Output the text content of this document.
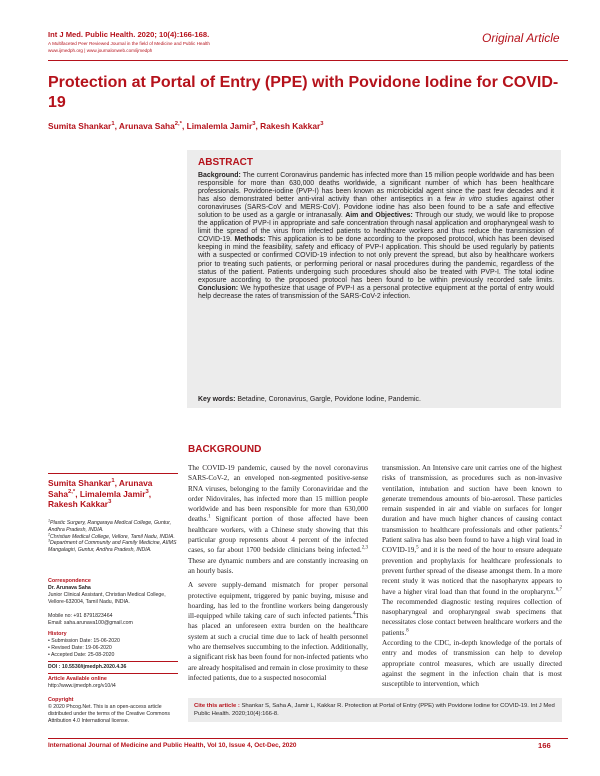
Int J Med. Public Health. 2020; 10(4):166-168.
A Multifaceted Peer Reviewed Journal in the field of Medicine and Public Health
www.ijmedph.org | www.journalonweb.com/ijmedph
Original Article
Protection at Portal of Entry (PPE) with Povidone Iodine for COVID-19
Sumita Shankar$^1$, Arunava Saha$^{2,*}$, Limalemla Jamir$^3$, Rakesh Kakkar$^3$
ABSTRACT
Background: The current Coronavirus pandemic has infected more than 15 million people worldwide and has been responsible for more than 630,000 deaths worldwide, a significant number of which has been healthcare professionals. Povidone-iodine (PVP-I) has been known as microbicidal agent since the past few decades and it has also demonstrated better anti-viral activity than other antiseptics in a few in vitro studies against other coronaviruses (SARS-CoV and MERS-CoV). Povidone iodine has also been found to be a safe and effective solution to be used as a gargle or intranasally. Aim and Objectives: Through our study, we would like to propose the application of PVP-I in appropriate and safe concentration through nasal application and oropharyngeal wash to limit the spread of the virus from infected patients to healthcare workers and thus reduce the transmission of COVID-19. Methods: This application is to be done according to the proposed protocol, which has been devised keeping in mind the feasibility, safety and efficacy of PVP-I application. This should be used regularly by patients with a suspected or confirmed COVID-19 infection to not only prevent the spread, but also by healthcare workers prior to treating such patients, or performing perioral or nasal procedures during the pandemic, regardless of the status of the patient. Patients undergoing such procedures should also be treated with PVP-I. The total iodine exposure according to the proposed protocol has been found to be within previously recorded safe limits. Conclusion: We hypothesize that usage of PVP-I as a personal protective equipment at the portal of entry would help decrease the rates of transmission of the SARS-CoV-2 infection.
Key words: Betadine, Coronavirus, Gargle, Povidone Iodine, Pandemic.
BACKGROUND
Sumita Shankar$^1$, Arunava
Saha$^{2,*}$, Limalemla Jamir$^3$,
Rakesh Kakkar$^3$
$^1$Plastic Surgery, Rangaraya Medical College, Guntur, Andhra Pradesh, INDIA.
$^2$Christian Medical College, Vellore, Tamil Nadu, INDIA.
$^3$Department of Community and Family Medicine, AIIMS Mangalagiri, Guntur, Andhra Pradesh, INDIA.
Correspondence
Dr. Arunava Saha
Junior Clinical Assistant, Christian Medical College, Vellore-632004, Tamil Nadu, INDIA.
Mobile no: +91 8791823464
Email: saha.arunava100@gmail.com
History
• Submission Date: 15-06-2020
• Revised Date: 19-06-2020
• Accepted Date: 25-08-2020
DOI : 10.5530/ijmedph.2020.4.36
Article Available online
http://www.ijmedph.org/v10/i4
Copyright
© 2020 Phcog.Net. This is an open-access article distributed under the terms of the Creative Commons Attribution 4.0 International license.

The COVID-19 pandemic, caused by the novel coronavirus SARS-CoV-2, an enveloped non-segmented positive-sense RNA viruses, belonging to the family Coronaviridae and the order Nidovirales, has infected more than 15 million people worldwide and has been responsible for more than 630,000 deaths.$^1$ Significant portion of those affected have been healthcare workers, with a Chinese study showing that this particular group represents about 4 percent of the infected cases, so far about 1700 bedside clinicians being infected.$^{2,3}$ These are dynamic numbers and are constantly increasing on an hourly basis.

A severe supply-demand mismatch for proper personal protective equipment, triggered by panic buying, misuse and hoarding, has led to the frontline workers being dangerously ill-equipped while taking care of such infected patients.$^4$This has placed an unforeseen extra burden on the healthcare system at such a crucial time due to lack of health personnel who are themselves succumbing to the infection. Additionally, a significant risk has been found for non-infected patients who are already hospitalised and remain in close proximity to these infected patients, due to a suspected nosocomial

transmission. An Intensive care unit carries one of the highest risks of transmission, as procedures such as non-invasive ventilation, intubation and suction have been known to generate tremendous amounts of bio-aerosol. These particles remain suspended in air and viable on surfaces for longer duration and have much higher chances of causing contact transmission to healthcare professionals and other patients.$^2$ Patient saliva has also been found to have a high viral load in COVID-19,$^5$ and it is the need of the hour to ensure adequate prevention and prophylaxis for healthcare professionals to prevent further spread of the disease amongst them. In a more recent study it was noticed that the nasopharynx appears to have a higher viral load than that found in the oropharynx.$^{6,7}$ The recommended diagnostic testing requires collection of nasopharyngeal and oropharyngeal swab specimens that necessitates close contact between healthcare workers and the patients.$^8$

According to the CDC, in-depth knowledge of the portals of entry and modes of transmission can help to develop appropriate control measures, which are usually directed against the segment in the infection chain that is most susceptible to intervention, which

Cite this article : Shankar S, Saha A, Jamir L, Kakkar R. Protection at Portal of Entry (PPE) with Povidone Iodine for COVID-19. Int J Med Public Health. 2020;10(4):166-8.
International Journal of Medicine and Public Health, Vol 10, Issue 4, Oct-Dec, 2020	166
